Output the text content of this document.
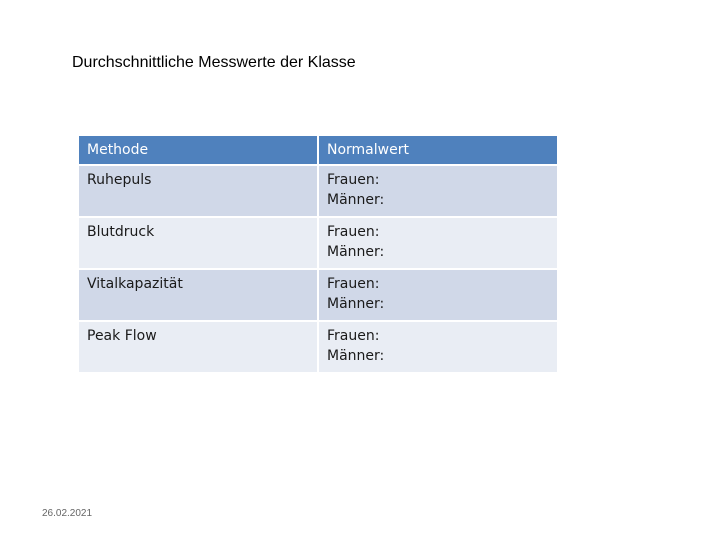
Durchschnittliche Messwerte der Klasse
Methode	Normalwert
Ruhepuls	Frauen:
Männer:

Blutdruck	Frauen:
Männer:

Vitalkapazität	Frauen:
Männer:

Peak Flow	Frauen:
Männer:
26.02.2021
